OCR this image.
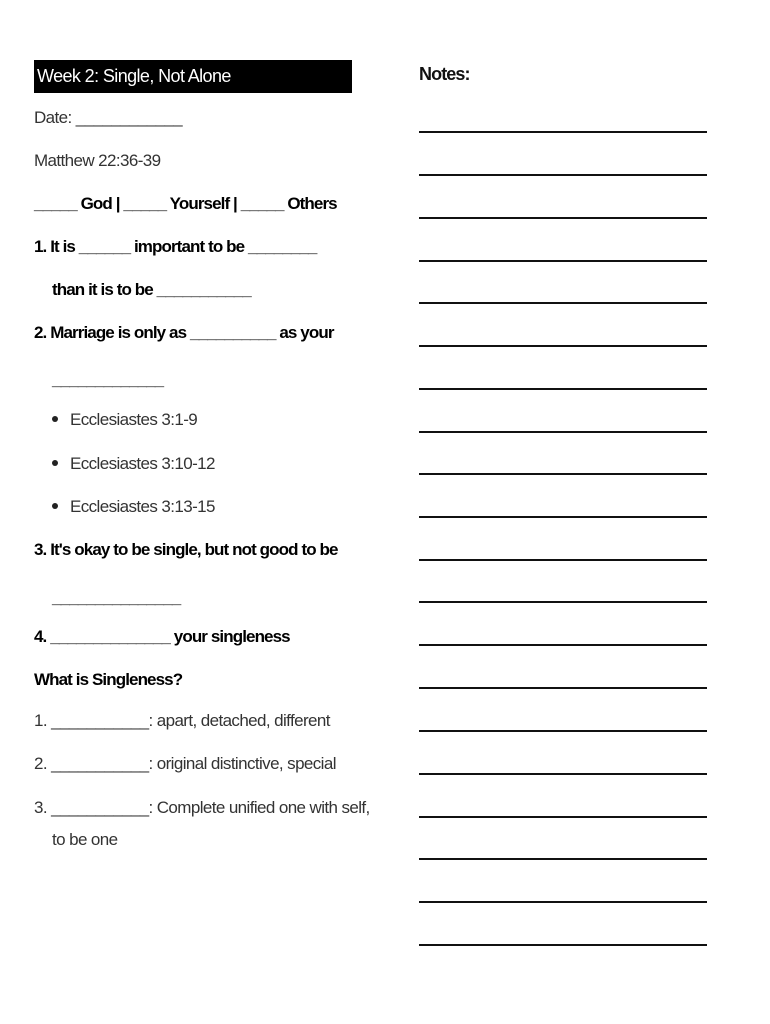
Week 2: Single, Not Alone
Date: ____________
Matthew 22:36-39
_____ God | _____ Yourself | _____ Others
1. It is ______ important to be ________
than it is to be ___________
2. Marriage is only as __________ as your
_____________
Ecclesiastes 3:1-9
Ecclesiastes 3:10-12
Ecclesiastes 3:13-15
3. It's okay to be single, but not good to be
_______________
4. ______________ your singleness
What is Singleness?
1. ___________: apart, detached, different
2. ___________: original distinctive, special
3. ___________: Complete unified one with self,
to be one
Notes:
